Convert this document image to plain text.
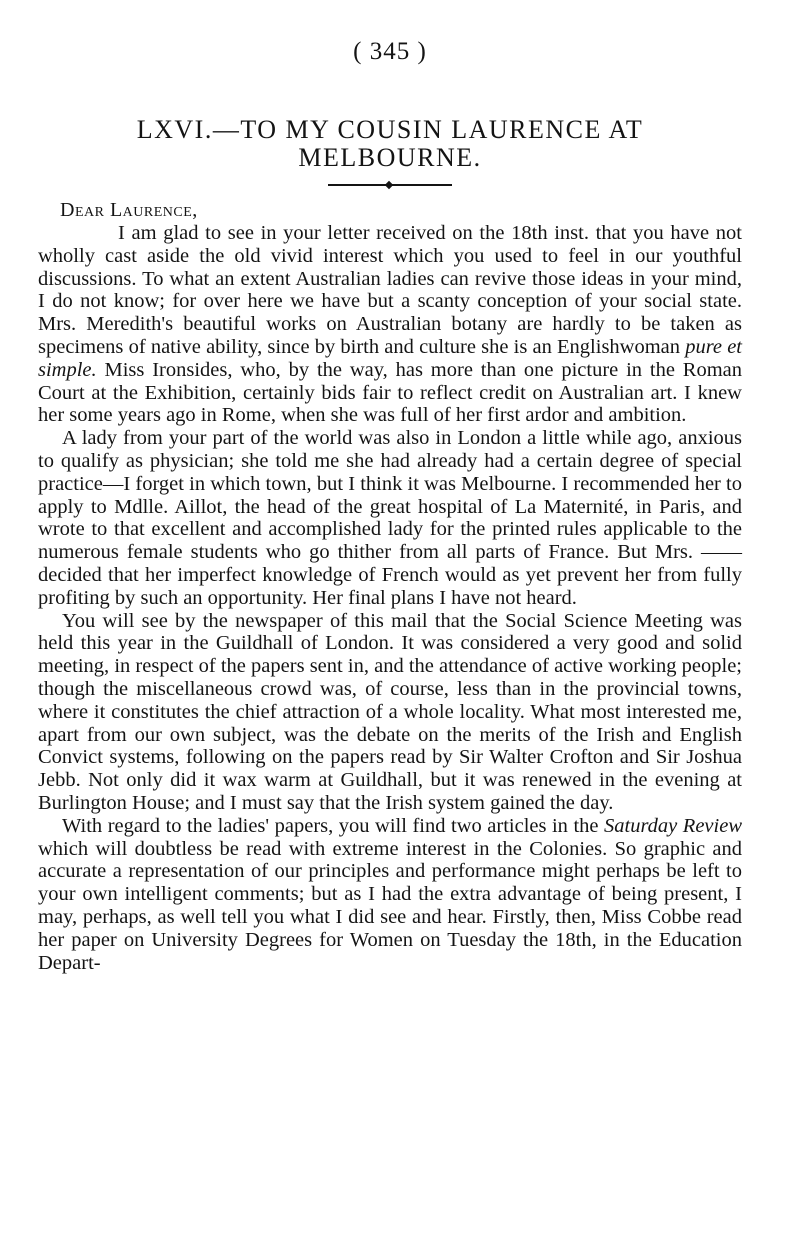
( 345 )
LXVI.—TO MY COUSIN LAURENCE AT
MELBOURNE.
Dear Laurence,

I am glad to see in your letter received on the 18th inst. that you have not wholly cast aside the old vivid interest which you used to feel in our youthful discussions. To what an extent Australian ladies can revive those ideas in your mind, I do not know; for over here we have but a scanty conception of your social state. Mrs. Meredith's beautiful works on Australian botany are hardly to be taken as specimens of native ability, since by birth and culture she is an Englishwoman pure et simple. Miss Ironsides, who, by the way, has more than one picture in the Roman Court at the Exhibition, certainly bids fair to reflect credit on Australian art. I knew her some years ago in Rome, when she was full of her first ardor and ambition.

A lady from your part of the world was also in London a little while ago, anxious to qualify as physician; she told me she had already had a certain degree of special practice—I forget in which town, but I think it was Melbourne. I recommended her to apply to Mdlle. Aillot, the head of the great hospital of La Maternité, in Paris, and wrote to that excellent and accomplished lady for the printed rules applicable to the numerous female students who go thither from all parts of France. But Mrs. —— decided that her imperfect knowledge of French would as yet prevent her from fully profiting by such an opportunity. Her final plans I have not heard.

You will see by the newspaper of this mail that the Social Science Meeting was held this year in the Guildhall of London. It was considered a very good and solid meeting, in respect of the papers sent in, and the attendance of active working people; though the miscellaneous crowd was, of course, less than in the provincial towns, where it constitutes the chief attraction of a whole locality. What most interested me, apart from our own subject, was the debate on the merits of the Irish and English Convict systems, following on the papers read by Sir Walter Crofton and Sir Joshua Jebb. Not only did it wax warm at Guildhall, but it was renewed in the evening at Burlington House; and I must say that the Irish system gained the day.

With regard to the ladies' papers, you will find two articles in the Saturday Review which will doubtless be read with extreme interest in the Colonies. So graphic and accurate a representation of our principles and performance might perhaps be left to your own intelligent comments; but as I had the extra advantage of being present, I may, perhaps, as well tell you what I did see and hear. Firstly, then, Miss Cobbe read her paper on University Degrees for Women on Tuesday the 18th, in the Education Depart-
